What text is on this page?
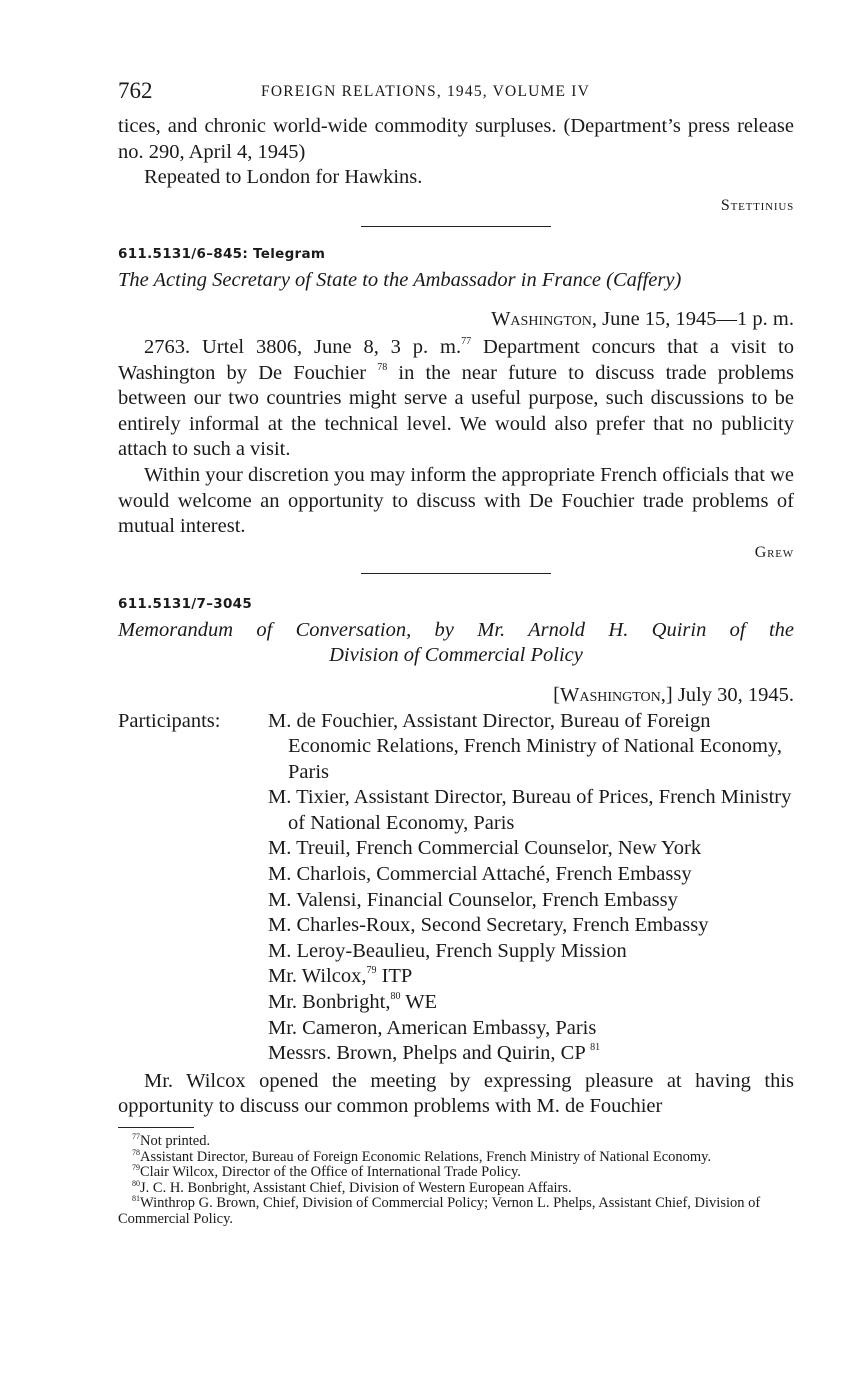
762	FOREIGN RELATIONS, 1945, VOLUME IV

tices, and chronic world-wide commodity surpluses. (Department’s press release no. 290, April 4, 1945)

Repeated to London for Hawkins.

Stettinius

611.5131/6–845: Telegram

The Acting Secretary of State to the Ambassador in France (Caffery)

Washington, June 15, 1945—1 p. m.

2763. Urtel 3806, June 8, 3 p. m.$^{77}$ Department concurs that a visit to Washington by De Fouchier $^{78}$ in the near future to discuss trade problems between our two countries might serve a useful purpose, such discussions to be entirely informal at the technical level. We would also prefer that no publicity attach to such a visit.

Within your discretion you may inform the appropriate French officials that we would welcome an opportunity to discuss with De Fouchier trade problems of mutual interest.

Grew

611.5131/7–3045

Memorandum of Conversation, by Mr. Arnold H. Quirin of the

Division of Commercial Policy

[Washington,] July 30, 1945.

Participants: M. de Fouchier, Assistant Director, Bureau of Foreign Economic Relations, French Ministry of National Economy, Paris

M. Tixier, Assistant Director, Bureau of Prices, French Ministry of National Economy, Paris

M. Treuil, French Commercial Counselor, New York

M. Charlois, Commercial Attaché, French Embassy

M. Valensi, Financial Counselor, French Embassy

M. Charles-Roux, Second Secretary, French Embassy

M. Leroy-Beaulieu, French Supply Mission

Mr. Wilcox,$^{79}$ ITP

Mr. Bonbright,$^{80}$ WE

Mr. Cameron, American Embassy, Paris

Messrs. Brown, Phelps and Quirin, CP $^{81}$

Mr. Wilcox opened the meeting by expressing pleasure at having this opportunity to discuss our common problems with M. de Fouchier

$^{77}$Not printed.

$^{78}$Assistant Director, Bureau of Foreign Economic Relations, French Ministry of National Economy.

$^{79}$Clair Wilcox, Director of the Office of International Trade Policy.

$^{80}$J. C. H. Bonbright, Assistant Chief, Division of Western European Affairs.

$^{81}$Winthrop G. Brown, Chief, Division of Commercial Policy; Vernon L. Phelps, Assistant Chief, Division of Commercial Policy.
